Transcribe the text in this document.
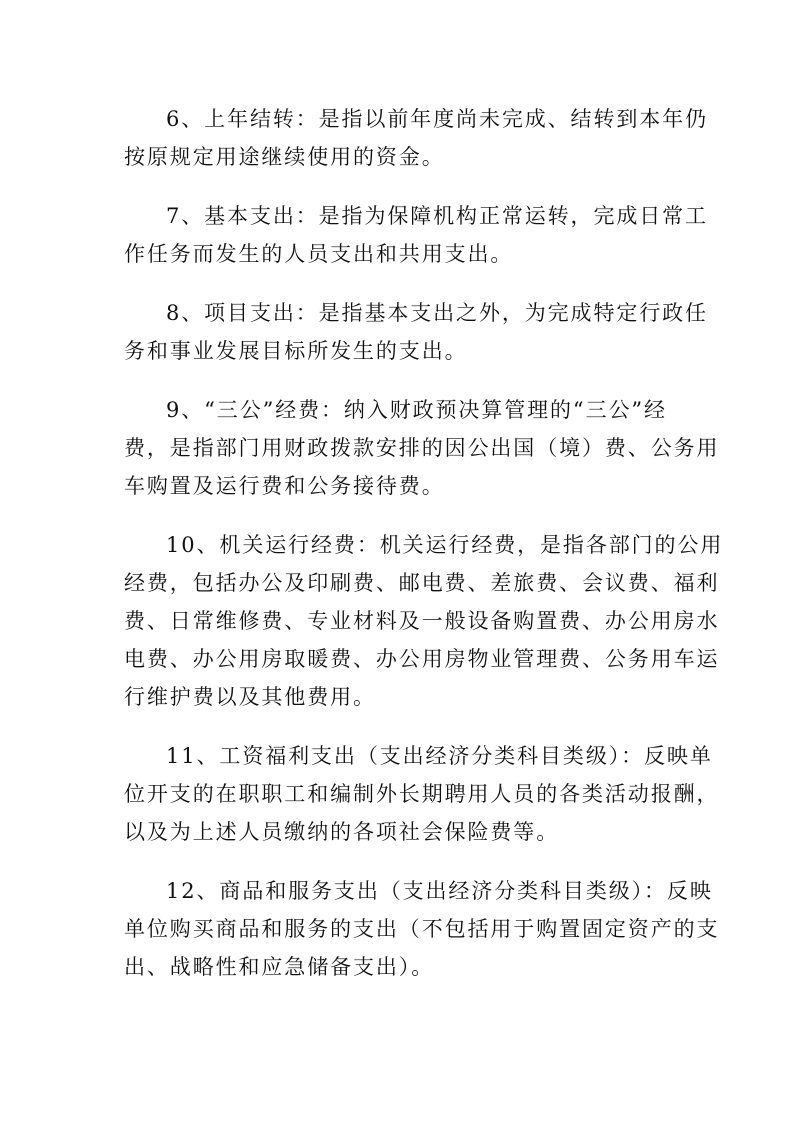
6、上年结转：是指以前年度尚未完成、结转到本年仍
按原规定用途继续使用的资金。

7、基本支出：是指为保障机构正常运转，完成日常工
作任务而发生的人员支出和共用支出。

8、项目支出：是指基本支出之外，为完成特定行政任
务和事业发展目标所发生的支出。

9、“三公”经费：纳入财政预决算管理的“三公”经
费，是指部门用财政拨款安排的因公出国（境）费、公务用
车购置及运行费和公务接待费。

10、机关运行经费：机关运行经费，是指各部门的公用
经费，包括办公及印刷费、邮电费、差旅费、会议费、福利
费、日常维修费、专业材料及一般设备购置费、办公用房水
电费、办公用房取暖费、办公用房物业管理费、公务用车运
行维护费以及其他费用。

11、工资福利支出（支出经济分类科目类级）：反映单
位开支的在职职工和编制外长期聘用人员的各类活动报酬，
以及为上述人员缴纳的各项社会保险费等。

12、商品和服务支出（支出经济分类科目类级）：反映
单位购买商品和服务的支出（不包括用于购置固定资产的支
出、战略性和应急储备支出）。
